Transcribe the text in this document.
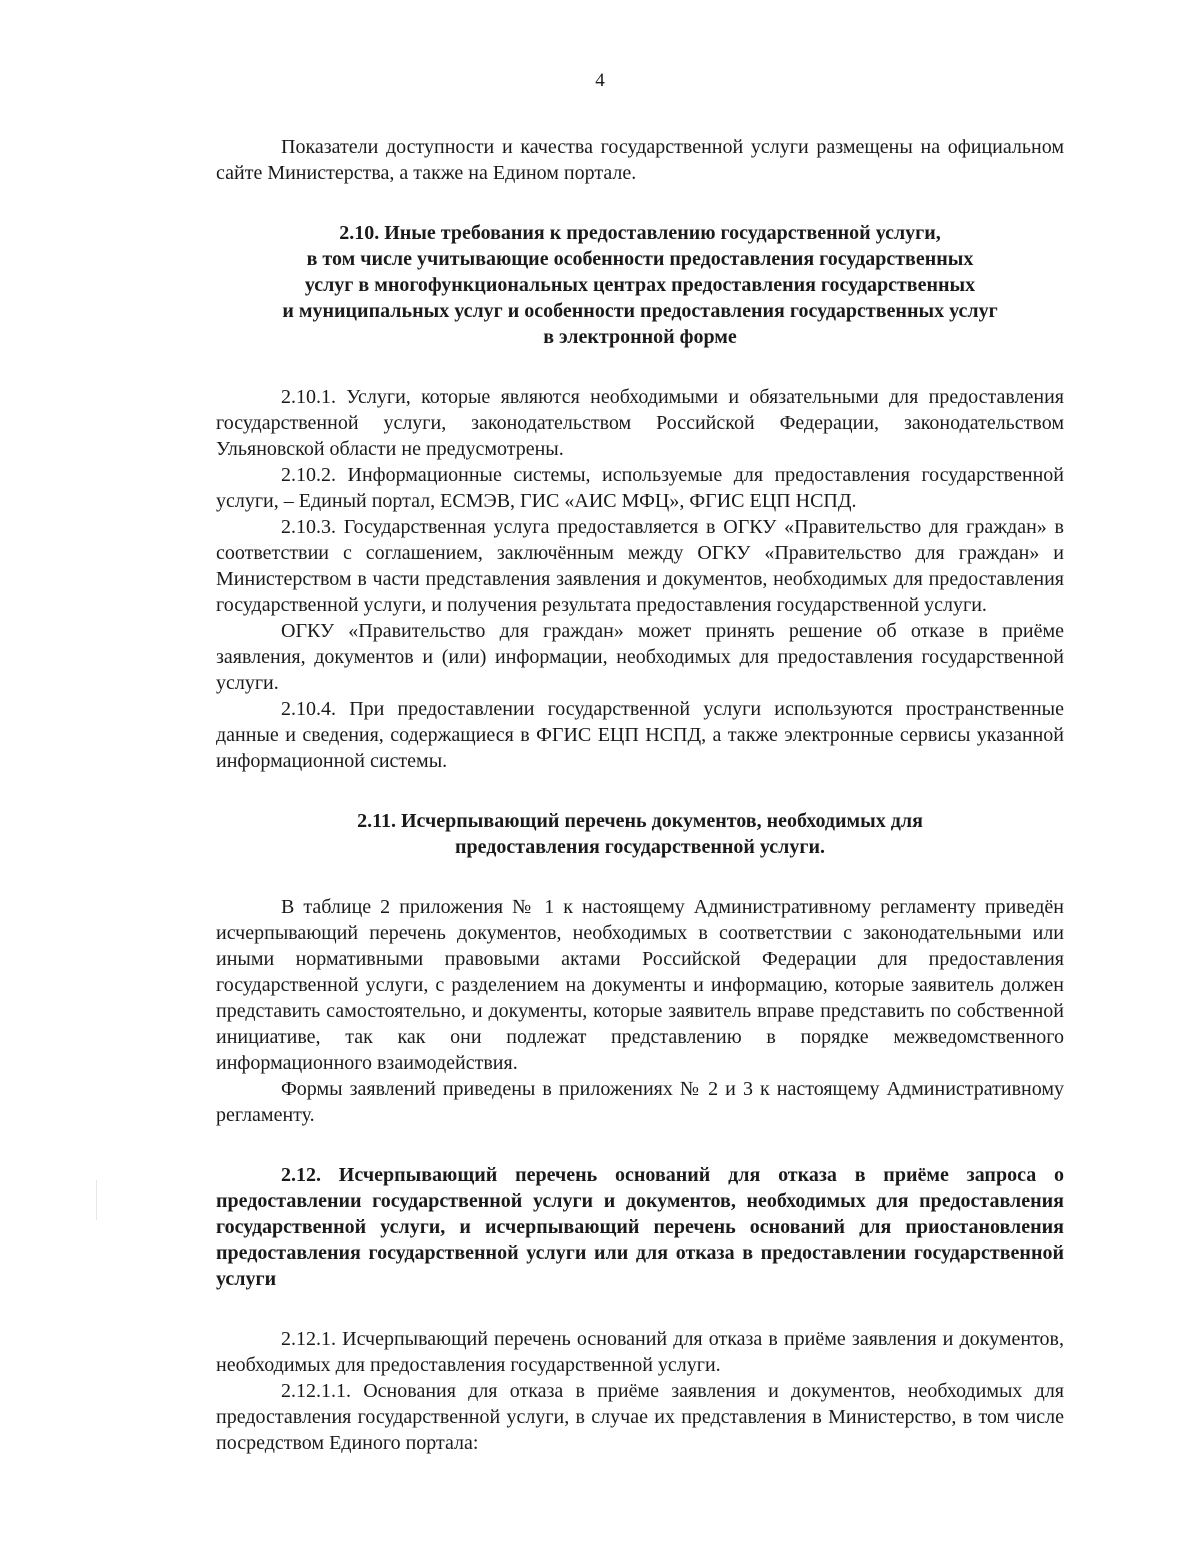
4

Показатели доступности и качества государственной услуги размещены на официальном сайте Министерства, а также на Едином портале.

2.10. Иные требования к предоставлению государственной услуги,
в том числе учитывающие особенности предоставления государственных
услуг в многофункциональных центрах предоставления государственных
и муниципальных услуг и особенности предоставления государственных услуг
в электронной форме

2.10.1. Услуги, которые являются необходимыми и обязательными для предоставления государственной услуги, законодательством Российской Федерации, законодательством Ульяновской области не предусмотрены.

2.10.2. Информационные системы, используемые для предоставления государственной услуги, – Единый портал, ЕСМЭВ, ГИС «АИС МФЦ», ФГИС ЕЦП НСПД.

2.10.3. Государственная услуга предоставляется в ОГКУ «Правительство для граждан» в соответствии с соглашением, заключённым между ОГКУ «Правительство для граждан» и Министерством в части представления заявления и документов, необходимых для предоставления государственной услуги, и получения результата предоставления государственной услуги.

ОГКУ «Правительство для граждан» может принять решение об отказе в приёме заявления, документов и (или) информации, необходимых для предоставления государственной услуги.

2.10.4. При предоставлении государственной услуги используются пространственные данные и сведения, содержащиеся в ФГИС ЕЦП НСПД, а также электронные сервисы указанной информационной системы.

2.11. Исчерпывающий перечень документов, необходимых для
предоставления государственной услуги.

В таблице 2 приложения № 1 к настоящему Административному регламенту приведён исчерпывающий перечень документов, необходимых в соответствии с законодательными или иными нормативными правовыми актами Российской Федерации для предоставления государственной услуги, с разделением на документы и информацию, которые заявитель должен представить самостоятельно, и документы, которые заявитель вправе представить по собственной инициативе, так как они подлежат представлению в порядке межведомственного информационного взаимодействия.

Формы заявлений приведены в приложениях № 2 и 3 к настоящему Административному регламенту.

2.12. Исчерпывающий перечень оснований для отказа в приёме запроса о предоставлении государственной услуги и документов, необходимых для предоставления государственной услуги, и исчерпывающий перечень оснований для приостановления предоставления государственной услуги или для отказа в предоставлении государственной услуги

2.12.1. Исчерпывающий перечень оснований для отказа в приёме заявления и документов, необходимых для предоставления государственной услуги.

2.12.1.1. Основания для отказа в приёме заявления и документов, необходимых для предоставления государственной услуги, в случае их представления в Министерство, в том числе посредством Единого портала:
